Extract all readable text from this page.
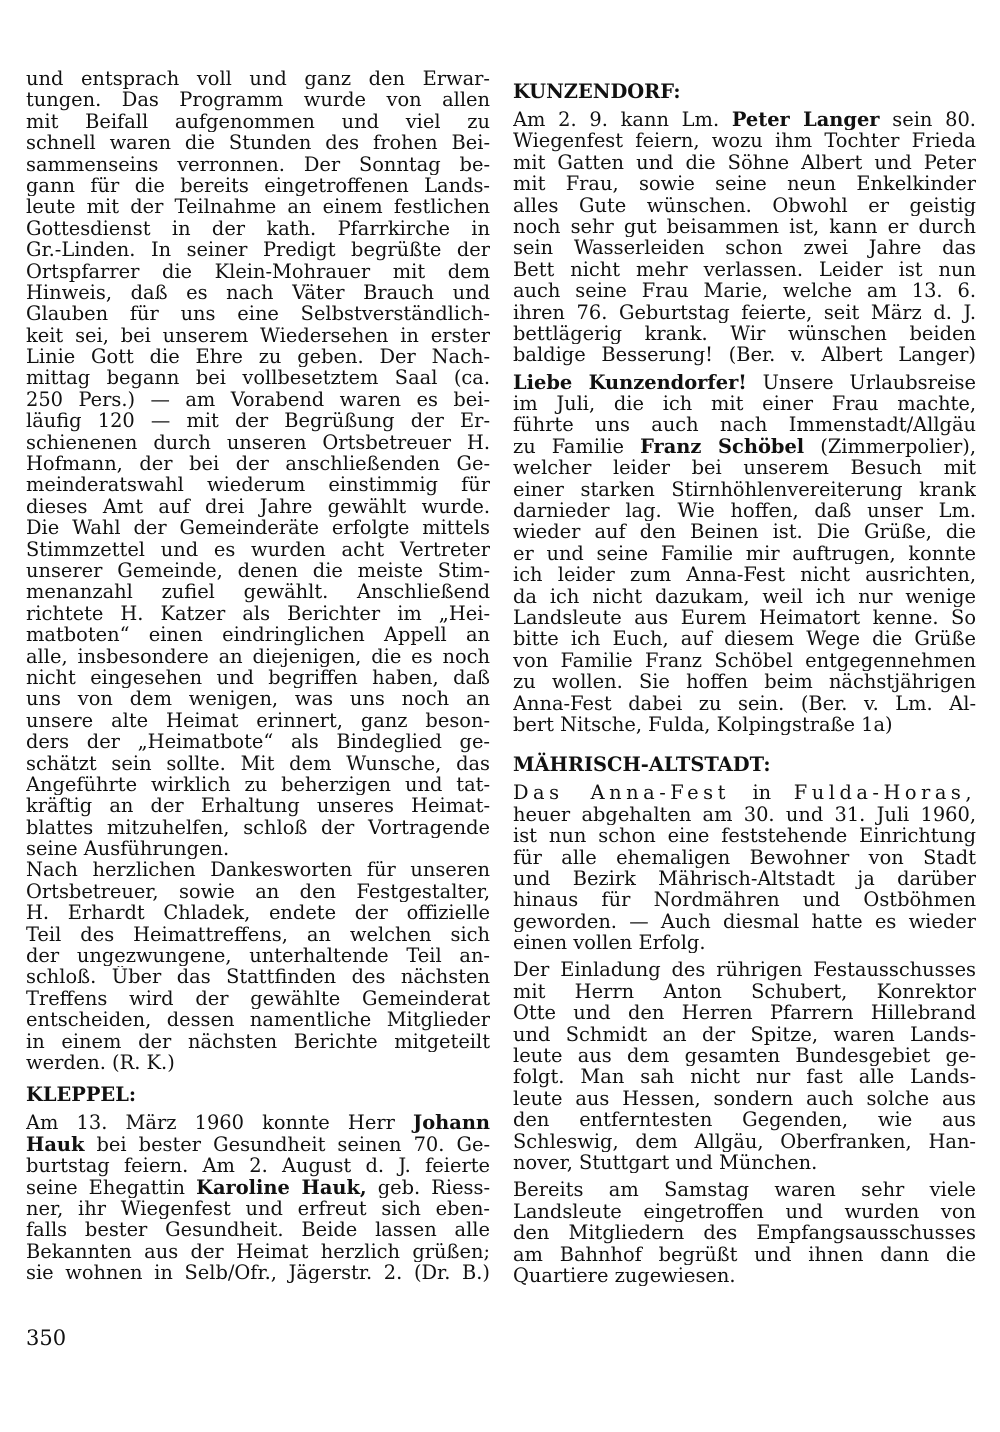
und entsprach voll und ganz den Erwar-
tungen. Das Programm wurde von allen
mit Beifall aufgenommen und viel zu
schnell waren die Stunden des frohen Bei-
sammenseins verronnen. Der Sonntag be-
gann für die bereits eingetroffenen Lands-
leute mit der Teilnahme an einem festlichen
Gottesdienst in der kath. Pfarrkirche in
Gr.-Linden. In seiner Predigt begrüßte der
Ortspfarrer die Klein-Mohrauer mit dem
Hinweis, daß es nach Väter Brauch und
Glauben für uns eine Selbstverständlich-
keit sei, bei unserem Wiedersehen in erster
Linie Gott die Ehre zu geben. Der Nach-
mittag begann bei vollbesetztem Saal (ca.
250 Pers.) — am Vorabend waren es bei-
läufig 120 — mit der Begrüßung der Er-
schienenen durch unseren Ortsbetreuer H.
Hofmann, der bei der anschließenden Ge-
meinderatswahl wiederum einstimmig für
dieses Amt auf drei Jahre gewählt wurde.
Die Wahl der Gemeinderäte erfolgte mittels
Stimmzettel und es wurden acht Vertreter
unserer Gemeinde, denen die meiste Stim-
menanzahl zufiel gewählt. Anschließend
richtete H. Katzer als Berichter im „Hei-
matboten“ einen eindringlichen Appell an
alle, insbesondere an diejenigen, die es noch
nicht eingesehen und begriffen haben, daß
uns von dem wenigen, was uns noch an
unsere alte Heimat erinnert, ganz beson-
ders der „Heimatbote“ als Bindeglied ge-
schätzt sein sollte. Mit dem Wunsche, das
Angeführte wirklich zu beherzigen und tat-
kräftig an der Erhaltung unseres Heimat-
blattes mitzuhelfen, schloß der Vortragende
seine Ausführungen.
Nach herzlichen Dankesworten für unseren
Ortsbetreuer, sowie an den Festgestalter,
H. Erhardt Chladek, endete der offizielle
Teil des Heimattreffens, an welchen sich
der ungezwungene, unterhaltende Teil an-
schloß. Über das Stattfinden des nächsten
Treffens wird der gewählte Gemeinderat
entscheiden, dessen namentliche Mitglieder
in einem der nächsten Berichte mitgeteilt
werden. (R. K.)
KLEPPEL:
Am 13. März 1960 konnte Herr Johann
Hauk bei bester Gesundheit seinen 70. Ge-
burtstag feiern. Am 2. August d. J. feierte
seine Ehegattin Karoline Hauk, geb. Riess-
ner, ihr Wiegenfest und erfreut sich eben-
falls bester Gesundheit. Beide lassen alle
Bekannten aus der Heimat herzlich grüßen;
sie wohnen in Selb/Ofr., Jägerstr. 2. (Dr. B.)
KUNZENDORF:
Am 2. 9. kann Lm. Peter Langer sein 80.
Wiegenfest feiern, wozu ihm Tochter Frieda
mit Gatten und die Söhne Albert und Peter
mit Frau, sowie seine neun Enkelkinder
alles Gute wünschen. Obwohl er geistig
noch sehr gut beisammen ist, kann er durch
sein Wasserleiden schon zwei Jahre das
Bett nicht mehr verlassen. Leider ist nun
auch seine Frau Marie, welche am 13. 6.
ihren 76. Geburtstag feierte, seit März d. J.
bettlägerig krank. Wir wünschen beiden
baldige Besserung! (Ber. v. Albert Langer)
Liebe Kunzendorfer! Unsere Urlaubsreise
im Juli, die ich mit einer Frau machte,
führte uns auch nach Immenstadt/Allgäu
zu Familie Franz Schöbel (Zimmerpolier),
welcher leider bei unserem Besuch mit
einer starken Stirnhöhlenvereiterung krank
darnieder lag. Wie hoffen, daß unser Lm.
wieder auf den Beinen ist. Die Grüße, die
er und seine Familie mir auftrugen, konnte
ich leider zum Anna-Fest nicht ausrichten,
da ich nicht dazukam, weil ich nur wenige
Landsleute aus Eurem Heimatort kenne. So
bitte ich Euch, auf diesem Wege die Grüße
von Familie Franz Schöbel entgegennehmen
zu wollen. Sie hoffen beim nächstjährigen
Anna-Fest dabei zu sein. (Ber. v. Lm. Al-
bert Nitsche, Fulda, Kolpingstraße 1a)
MÄHRISCH-ALTSTADT:
Das Anna-Fest in Fulda-Horas,
heuer abgehalten am 30. und 31. Juli 1960,
ist nun schon eine feststehende Einrichtung
für alle ehemaligen Bewohner von Stadt
und Bezirk Mährisch-Altstadt ja darüber
hinaus für Nordmähren und Ostböhmen
geworden. — Auch diesmal hatte es wieder
einen vollen Erfolg.
Der Einladung des rührigen Festausschusses
mit Herrn Anton Schubert, Konrektor
Otte und den Herren Pfarrern Hillebrand
und Schmidt an der Spitze, waren Lands-
leute aus dem gesamten Bundesgebiet ge-
folgt. Man sah nicht nur fast alle Lands-
leute aus Hessen, sondern auch solche aus
den entferntesten Gegenden, wie aus
Schleswig, dem Allgäu, Oberfranken, Han-
nover, Stuttgart und München.
Bereits am Samstag waren sehr viele
Landsleute eingetroffen und wurden von
den Mitgliedern des Empfangsausschusses
am Bahnhof begrüßt und ihnen dann die
Quartiere zugewiesen.
350
